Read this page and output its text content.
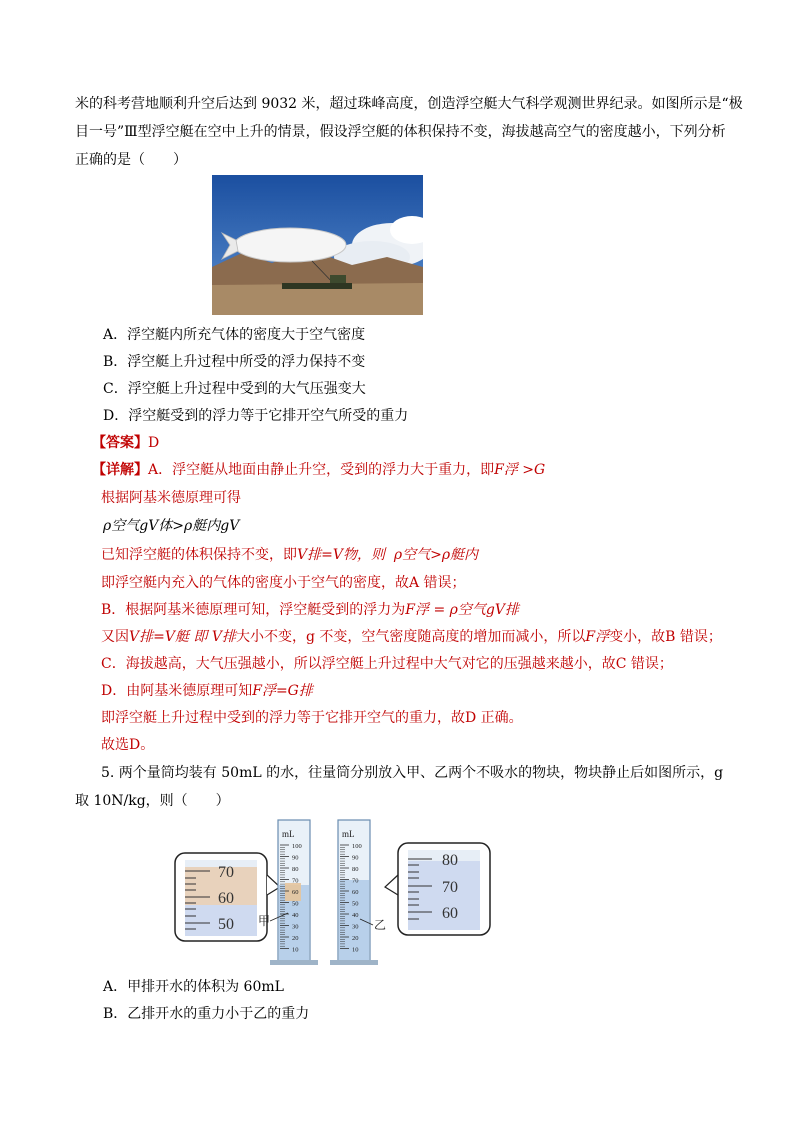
米的科考营地顺利升空后达到 9032 米，超过珠峰高度，创造浮空艇大气科学观测世界纪录。如图所示是“极
目一号”Ⅲ型浮空艇在空中上升的情景，假设浮空艇的体积保持不变，海拔越高空气的密度越小，下列分析
正确的是（　　）
A．浮空艇内所充气体的密度大于空气密度
B．浮空艇上升过程中所受的浮力保持不变
C．浮空艇上升过程中受到的大气压强变大
D．浮空艇受到的浮力等于它排开空气所受的重力
【答案】D
【详解】A．浮空艇从地面由静止升空，受到的浮力大于重力，即F浮 >G
根据阿基米德原理可得
ρ空气gV体>ρ艇内gV
已知浮空艇的体积保持不变，即V排=V物，则 ρ空气>ρ艇内
即浮空艇内充入的气体的密度小于空气的密度，故A 错误；
B．根据阿基米德原理可知，浮空艇受到的浮力为F浮 = ρ空气gV排
又因V排=V艇 即 V排大小不变，g 不变，空气密度随高度的增加而减小，所以F浮变小，故B 错误；
C．海拔越高，大气压强越小，所以浮空艇上升过程中大气对它的压强越来越小，故C 错误；
D．由阿基米德原理可知F浮=G排
即浮空艇上升过程中受到的浮力等于它排开空气的重力，故D 正确。
故选D。
5. 两个量筒均装有 50mL 的水，往量筒分别放入甲、乙两个不吸水的物块，物块静止后如图所示，g
取 10N/kg，则（　　）
70
60
50
mL
100
90
80
70
60
50
40
30
20
10
甲
mL
100
90
80
70
60
50
40
30
20
10
乙
80
70
60
A．甲排开水的体积为 60mL
B．乙排开水的重力小于乙的重力
